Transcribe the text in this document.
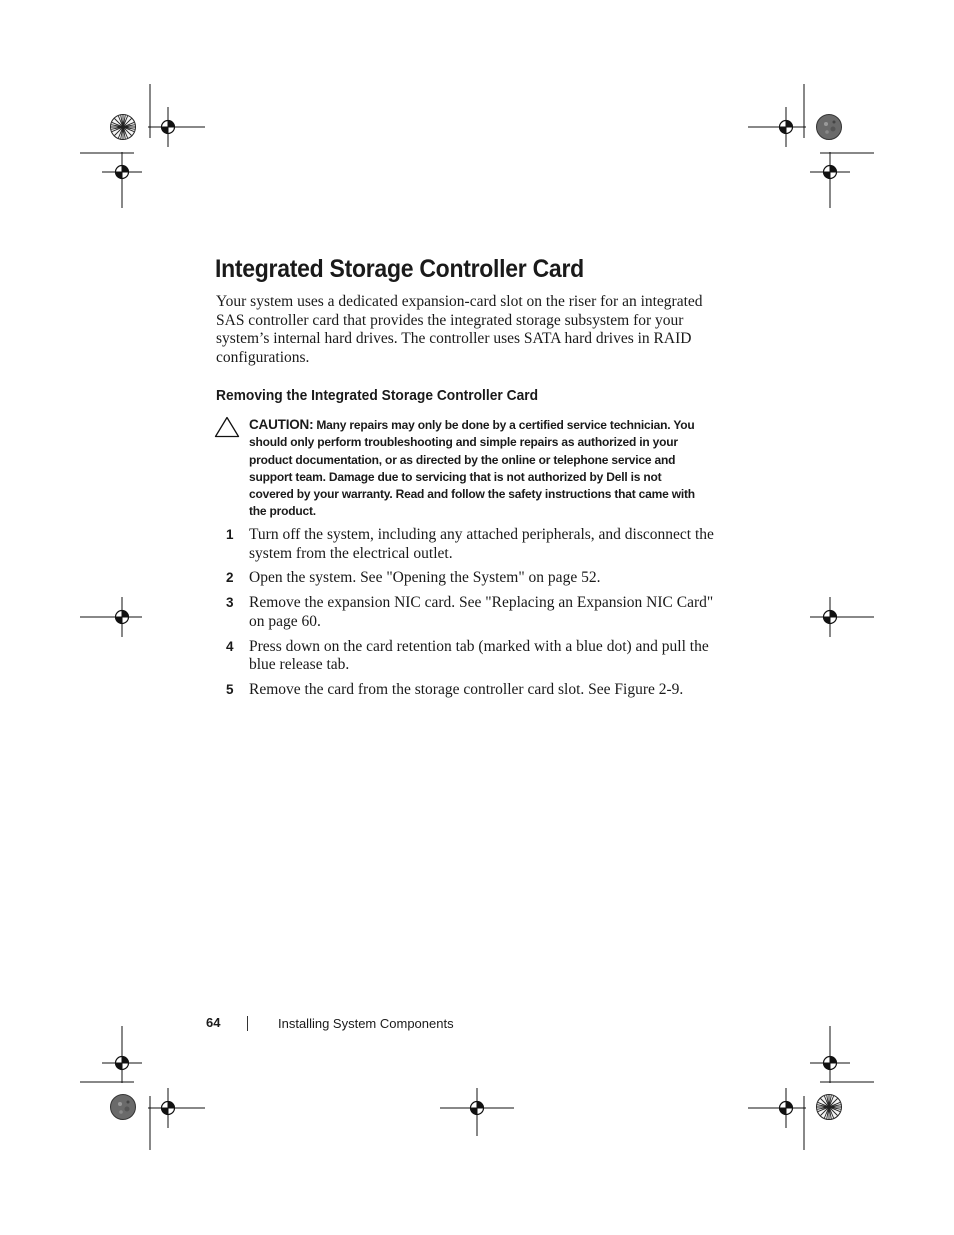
Integrated Storage Controller Card

Your system uses a dedicated expansion-card slot on the riser for an integrated SAS controller card that provides the integrated storage subsystem for your system’s internal hard drives. The controller uses SATA hard drives in RAID configurations.

Removing the Integrated Storage Controller Card

CAUTION: Many repairs may only be done by a certified service technician. You should only perform troubleshooting and simple repairs as authorized in your product documentation, or as directed by the online or telephone service and support team. Damage due to servicing that is not authorized by Dell is not covered by your warranty. Read and follow the safety instructions that came with the product.

1 Turn off the system, including any attached peripherals, and disconnect the system from the electrical outlet.
2 Open the system. See "Opening the System" on page 52.
3 Remove the expansion NIC card. See "Replacing an Expansion NIC Card" on page 60.
4 Press down on the card retention tab (marked with a blue dot) and pull the blue release tab.
5 Remove the card from the storage controller card slot. See Figure 2-9.
64	Installing System Components
